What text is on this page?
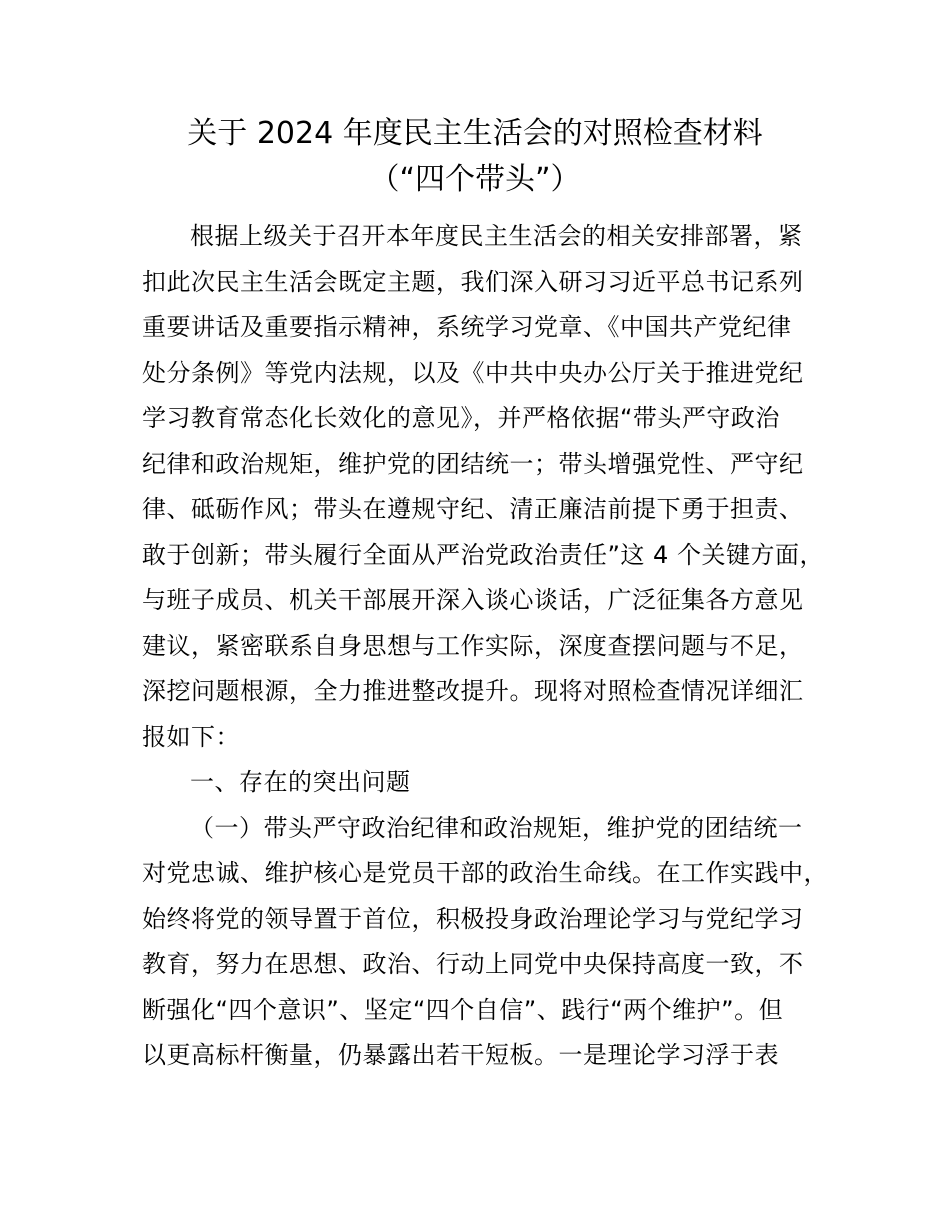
关于 2024 年度民主生活会的对照检查材料
（“四个带头”）
根据上级关于召开本年度民主生活会的相关安排部署，紧
扣此次民主生活会既定主题，我们深入研习习近平总书记系列
重要讲话及重要指示精神，系统学习党章、《中国共产党纪律
处分条例》等党内法规，以及《中共中央办公厅关于推进党纪
学习教育常态化长效化的意见》，并严格依据“带头严守政治
纪律和政治规矩，维护党的团结统一；带头增强党性、严守纪
律、砥砺作风；带头在遵规守纪、清正廉洁前提下勇于担责、
敢于创新；带头履行全面从严治党政治责任”这 4 个关键方面，
与班子成员、机关干部展开深入谈心谈话，广泛征集各方意见
建议，紧密联系自身思想与工作实际，深度查摆问题与不足，
深挖问题根源，全力推进整改提升。现将对照检查情况详细汇
报如下：
一、存在的突出问题
（一）带头严守政治纪律和政治规矩，维护党的团结统一
对党忠诚、维护核心是党员干部的政治生命线。在工作实践中，
始终将党的领导置于首位，积极投身政治理论学习与党纪学习
教育，努力在思想、政治、行动上同党中央保持高度一致，不
断强化“四个意识”、坚定“四个自信”、践行“两个维护”。但
以更高标杆衡量，仍暴露出若干短板。一是理论学习浮于表
